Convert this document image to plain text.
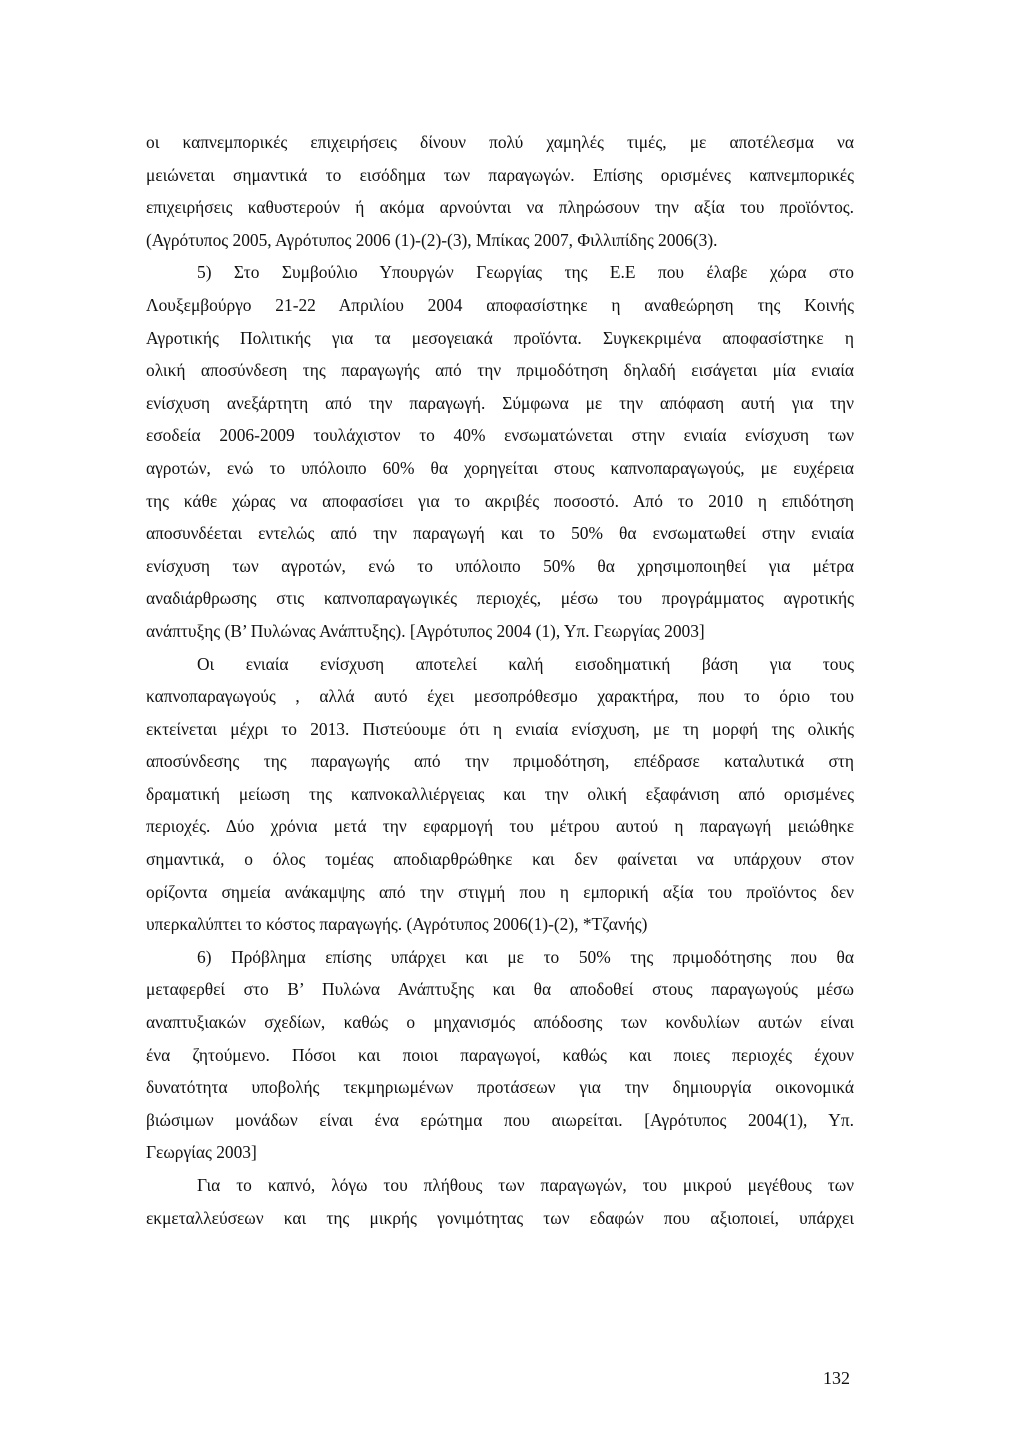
οι καπνεμπορικές επιχειρήσεις δίνουν πολύ χαμηλές τιμές, με αποτέλεσμα να
μειώνεται σημαντικά το εισόδημα των παραγωγών. Επίσης ορισμένες καπνεμπορικές
επιχειρήσεις καθυστερούν ή ακόμα αρνούνται να πληρώσουν την αξία του προϊόντος.
(Αγρότυπος 2005, Αγρότυπος 2006 (1)-(2)-(3), Μπίκας 2007, Φιλλιπίδης 2006(3).
5) Στο Συμβούλιο Υπουργών Γεωργίας της Ε.Ε που έλαβε χώρα στο
Λουξεμβούργο 21-22 Απριλίου 2004 αποφασίστηκε η αναθεώρηση της Κοινής
Αγροτικής Πολιτικής για τα μεσογειακά προϊόντα. Συγκεκριμένα αποφασίστηκε η
ολική αποσύνδεση της παραγωγής από την πριμοδότηση δηλαδή εισάγεται μία ενιαία
ενίσχυση ανεξάρτητη από την παραγωγή. Σύμφωνα με την απόφαση αυτή για την
εσοδεία 2006-2009 τουλάχιστον το 40% ενσωματώνεται στην ενιαία ενίσχυση των
αγροτών, ενώ το υπόλοιπο 60% θα χορηγείται στους καπνοπαραγωγούς, με ευχέρεια
της κάθε χώρας να αποφασίσει για το ακριβές ποσοστό. Από το 2010 η επιδότηση
αποσυνδέεται εντελώς από την παραγωγή και το 50% θα ενσωματωθεί στην ενιαία
ενίσχυση των αγροτών, ενώ το υπόλοιπο 50% θα χρησιμοποιηθεί για μέτρα
αναδιάρθρωσης στις καπνοπαραγωγικές περιοχές, μέσω του προγράμματος αγροτικής
ανάπτυξης (Β’ Πυλώνας Ανάπτυξης). [Αγρότυπος 2004 (1), Υπ. Γεωργίας 2003]
Οι ενιαία ενίσχυση αποτελεί καλή εισοδηματική βάση για τους
καπνοπαραγωγούς , αλλά αυτό έχει μεσοπρόθεσμο χαρακτήρα, που το όριο του
εκτείνεται μέχρι το 2013. Πιστεύουμε ότι η ενιαία ενίσχυση, με τη μορφή της ολικής
αποσύνδεσης της παραγωγής από την πριμοδότηση, επέδρασε καταλυτικά στη
δραματική μείωση της καπνοκαλλιέργειας και την ολική εξαφάνιση από ορισμένες
περιοχές. Δύο χρόνια μετά την εφαρμογή του μέτρου αυτού η παραγωγή μειώθηκε
σημαντικά, ο όλος τομέας αποδιαρθρώθηκε και δεν φαίνεται να υπάρχουν στον
ορίζοντα σημεία ανάκαμψης από την στιγμή που η εμπορική αξία του προϊόντος δεν
υπερκαλύπτει το κόστος παραγωγής. (Αγρότυπος 2006(1)-(2), *Τζανής)
6) Πρόβλημα επίσης υπάρχει και με το 50% της πριμοδότησης που θα
μεταφερθεί στο Β’ Πυλώνα Ανάπτυξης και θα αποδοθεί στους παραγωγούς μέσω
αναπτυξιακών σχεδίων, καθώς ο μηχανισμός απόδοσης των κονδυλίων αυτών είναι
ένα ζητούμενο. Πόσοι και ποιοι παραγωγοί, καθώς και ποιες περιοχές έχουν
δυνατότητα υποβολής τεκμηριωμένων προτάσεων για την δημιουργία οικονομικά
βιώσιμων μονάδων είναι ένα ερώτημα που αιωρείται. [Αγρότυπος 2004(1), Υπ.
Γεωργίας 2003]
Για το καπνό, λόγω του πλήθους των παραγωγών, του μικρού μεγέθους των
εκμεταλλεύσεων και της μικρής γονιμότητας των εδαφών που αξιοποιεί, υπάρχει
132
